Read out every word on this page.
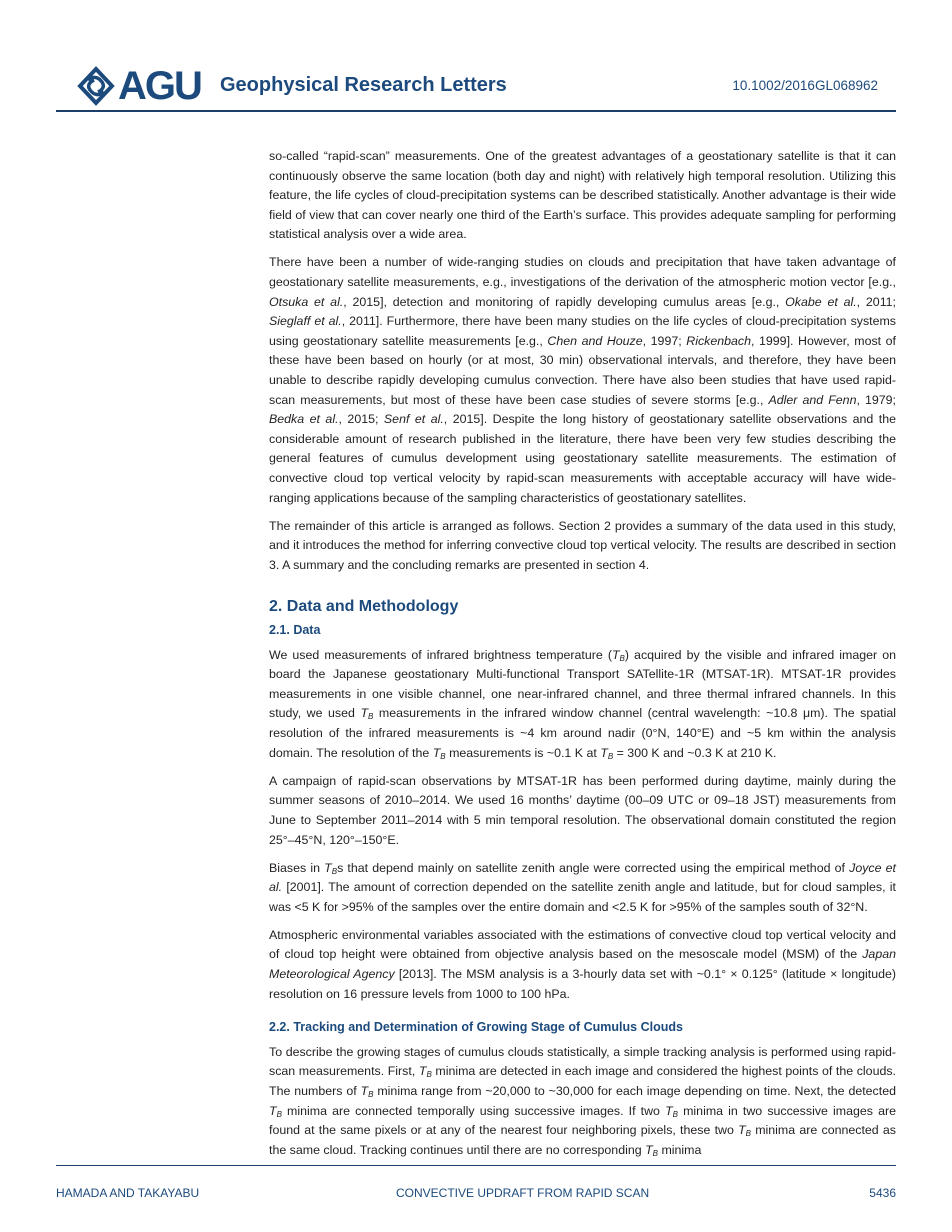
AGU Geophysical Research Letters	10.1002/2016GL068962

so-called “rapid-scan” measurements. One of the greatest advantages of a geostationary satellite is that it can continuously observe the same location (both day and night) with relatively high temporal resolution. Utilizing this feature, the life cycles of cloud-precipitation systems can be described statistically. Another advantage is their wide field of view that can cover nearly one third of the Earth’s surface. This provides adequate sampling for performing statistical analysis over a wide area.

There have been a number of wide-ranging studies on clouds and precipitation that have taken advantage of geostationary satellite measurements, e.g., investigations of the derivation of the atmospheric motion vector [e.g., Otsuka et al., 2015], detection and monitoring of rapidly developing cumulus areas [e.g., Okabe et al., 2011; Sieglaff et al., 2011]. Furthermore, there have been many studies on the life cycles of cloud-precipitation systems using geostationary satellite measurements [e.g., Chen and Houze, 1997; Rickenbach, 1999]. However, most of these have been based on hourly (or at most, 30 min) observational intervals, and therefore, they have been unable to describe rapidly developing cumulus convection. There have also been studies that have used rapid-scan measurements, but most of these have been case studies of severe storms [e.g., Adler and Fenn, 1979; Bedka et al., 2015; Senf et al., 2015]. Despite the long history of geostationary satellite observations and the considerable amount of research published in the literature, there have been very few studies describing the general features of cumulus development using geostationary satellite measurements. The estimation of convective cloud top vertical velocity by rapid-scan measurements with acceptable accuracy will have wide-ranging applications because of the sampling characteristics of geostationary satellites.

The remainder of this article is arranged as follows. Section 2 provides a summary of the data used in this study, and it introduces the method for inferring convective cloud top vertical velocity. The results are described in section 3. A summary and the concluding remarks are presented in section 4.

2. Data and Methodology
2.1. Data

We used measurements of infrared brightness temperature $(T_B)$ acquired by the visible and infrared imager on board the Japanese geostationary Multi-functional Transport SATellite-1R (MTSAT-1R). MTSAT-1R provides measurements in one visible channel, one near-infrared channel, and three thermal infrared channels. In this study, we used $T_B$ measurements in the infrared window channel (central wavelength: ~10.8 μm). The spatial resolution of the infrared measurements is ~4 km around nadir (0°N, 140°E) and ~5 km within the analysis domain. The resolution of the $T_B$ measurements is ~0.1 K at $T_B = 300$ K and ~0.3 K at 210 K.

A campaign of rapid-scan observations by MTSAT-1R has been performed during daytime, mainly during the summer seasons of 2010–2014. We used 16 months’ daytime (00–09 UTC or 09–18 JST) measurements from June to September 2011–2014 with 5 min temporal resolution. The observational domain constituted the region 25°–45°N, 120°–150°E.

Biases in $T_Bs$ that depend mainly on satellite zenith angle were corrected using the empirical method of Joyce et al. [2001]. The amount of correction depended on the satellite zenith angle and latitude, but for cloud samples, it was <5 K for >95% of the samples over the entire domain and <2.5 K for >95% of the samples south of 32°N.

Atmospheric environmental variables associated with the estimations of convective cloud top vertical velocity and of cloud top height were obtained from objective analysis based on the mesoscale model (MSM) of the Japan Meteorological Agency [2013]. The MSM analysis is a 3-hourly data set with ~0.1° × 0.125° (latitude × longitude) resolution on 16 pressure levels from 1000 to 100 hPa.

2.2. Tracking and Determination of Growing Stage of Cumulus Clouds

To describe the growing stages of cumulus clouds statistically, a simple tracking analysis is performed using rapid-scan measurements. First, $T_B$ minima are detected in each image and considered the highest points of the clouds. The numbers of $T_B$ minima range from ~20,000 to ~30,000 for each image depending on time. Next, the detected $T_B$ minima are connected temporally using successive images. If two $T_B$ minima in two successive images are found at the same pixels or at any of the nearest four neighboring pixels, these two $T_B$ minima are connected as the same cloud. Tracking continues until there are no corresponding $T_B$ minima

HAMADA AND TAKAYABU	CONVECTIVE UPDRAFT FROM RAPID SCAN	5436
